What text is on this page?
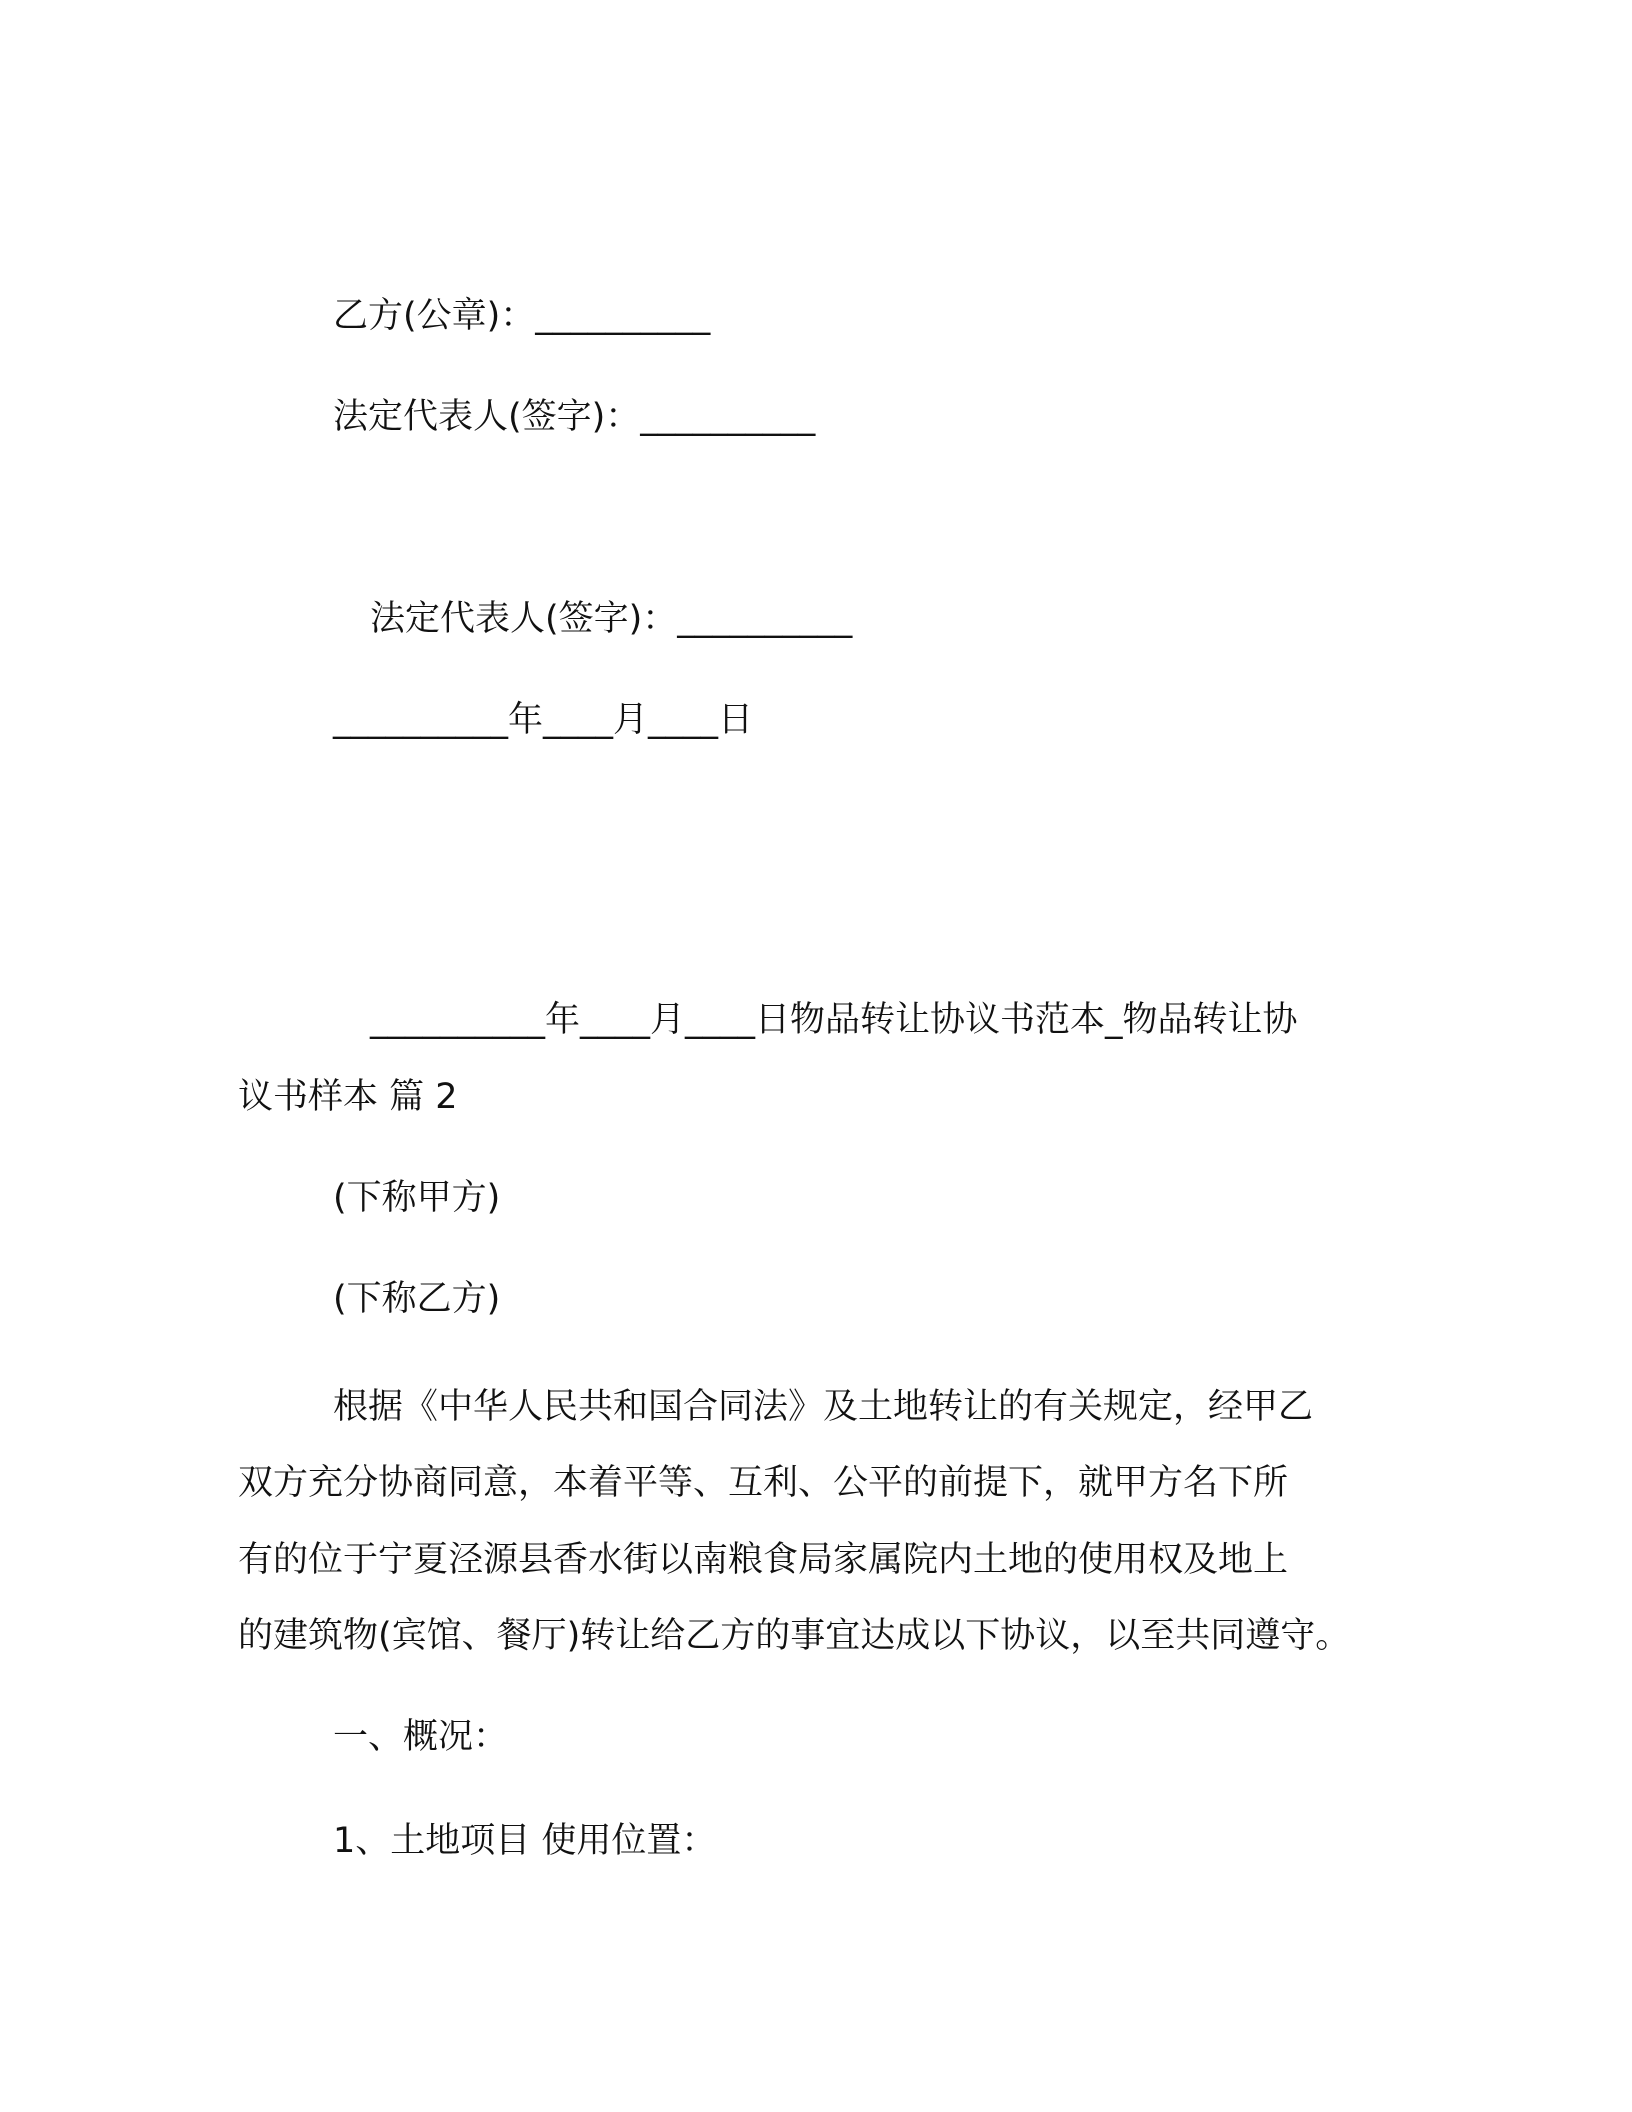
乙方(公章)：__________
法定代表人(签字)：__________
法定代表人(签字)：__________
__________年____月____日
__________年____月____日物品转让协议书范本_物品转让协
议书样本 篇 2
(下称甲方)
(下称乙方)
根据《中华人民共和国合同法》及土地转让的有关规定，经甲乙
双方充分协商同意，本着平等、互利、公平的前提下，就甲方名下所
有的位于宁夏泾源县香水街以南粮食局家属院内土地的使用权及地上
的建筑物(宾馆、餐厅)转让给乙方的事宜达成以下协议，以至共同遵守。
一、概况：
1、土地项目 使用位置：
